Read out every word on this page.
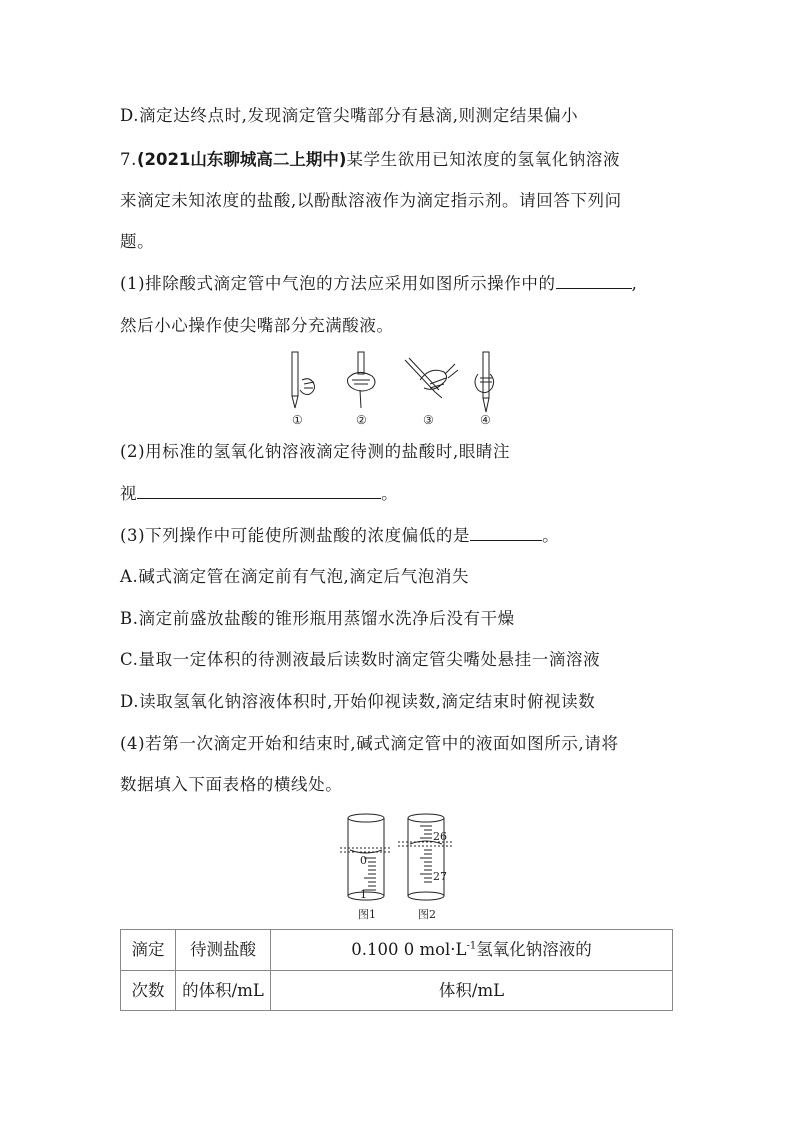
D.滴定达终点时,发现滴定管尖嘴部分有悬滴,则测定结果偏小
7.(2021山东聊城高二上期中)某学生欲用已知浓度的氢氧化钠溶液
来滴定未知浓度的盐酸,以酚酞溶液作为滴定指示剂。请回答下列问
题。
(1)排除酸式滴定管中气泡的方法应采用如图所示操作中的	,
然后小心操作使尖嘴部分充满酸液。
①	②	③	④
(2)用标准的氢氧化钠溶液滴定待测的盐酸时,眼睛注
视	。
(3)下列操作中可能使所测盐酸的浓度偏低的是	。
A.碱式滴定管在滴定前有气泡,滴定后气泡消失
B.滴定前盛放盐酸的锥形瓶用蒸馏水洗净后没有干燥
C.量取一定体积的待测液最后读数时滴定管尖嘴处悬挂一滴溶液
D.读取氢氧化钠溶液体积时,开始仰视读数,滴定结束时俯视读数
(4)若第一次滴定开始和结束时,碱式滴定管中的液面如图所示,请将
数据填入下面表格的横线处。
0
1
26
27
图1	图2
滴定	待测盐酸	0.100 0 $mol\cdot L^{-1}$氢氧化钠溶液的
次数	的体积/mL	体积/mL
